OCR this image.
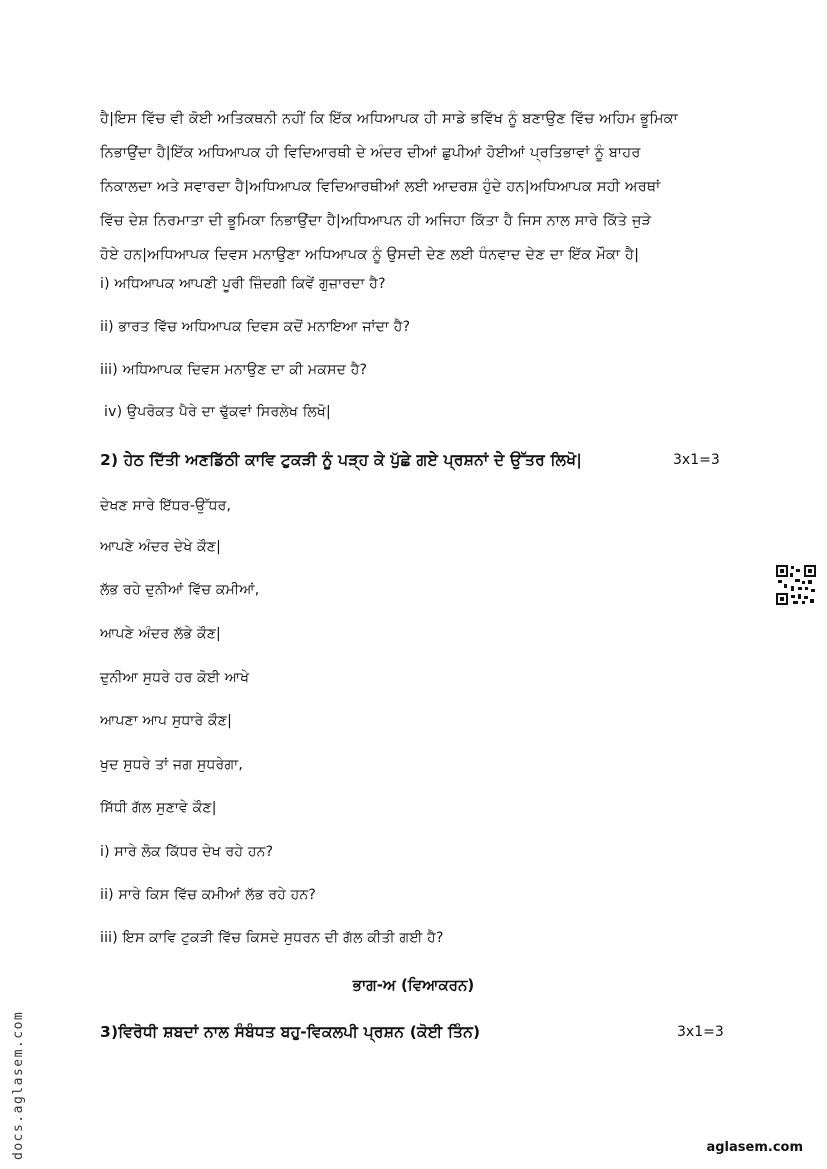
ਹੈ|ਇਸ ਵਿੱਚ ਵੀ ਕੋਈ ਅਤਿਕਥਨੀ ਨਹੀਂ ਕਿ ਇੱਕ ਅਧਿਆਪਕ ਹੀ ਸਾਡੇ ਭਵਿੱਖ ਨੂੰ ਬਣਾਉਣ ਵਿੱਚ ਅਹਿਮ ਭੂਮਿਕਾ
ਨਿਭਾਉਂਦਾ ਹੈ|ਇੱਕ ਅਧਿਆਪਕ ਹੀ ਵਿਦਿਆਰਥੀ ਦੇ ਅੰਦਰ ਦੀਆਂ ਛੁਪੀਆਂ ਹੋਈਆਂ ਪ੍ਰਤਿਭਾਵਾਂ ਨੂੰ ਬਾਹਰ
ਨਿਕਾਲਦਾ ਅਤੇ ਸਵਾਰਦਾ ਹੈ|ਅਧਿਆਪਕ ਵਿਦਿਆਰਥੀਆਂ ਲਈ ਆਦਰਸ਼ ਹੁੰਦੇ ਹਨ|ਅਧਿਆਪਕ ਸਹੀ ਅਰਥਾਂ
ਵਿੱਚ ਦੇਸ਼ ਨਿਰਮਾਤਾ ਦੀ ਭੂਮਿਕਾ ਨਿਭਾਉਂਦਾ ਹੈ|ਅਧਿਆਪਨ ਹੀ ਅਜਿਹਾ ਕਿੱਤਾ ਹੈ ਜਿਸ ਨਾਲ ਸਾਰੇ ਕਿੱਤੇ ਜੁੜੇ
ਹੋਏ ਹਨ|ਅਧਿਆਪਕ ਦਿਵਸ ਮਨਾਉਣਾ ਅਧਿਆਪਕ ਨੂੰ ਉਸਦੀ ਦੇਣ ਲਈ ਧੰਨਵਾਦ ਦੇਣ ਦਾ ਇੱਕ ਮੌਕਾ ਹੈ|
i) ਅਧਿਆਪਕ ਆਪਣੀ ਪੂਰੀ ਜ਼ਿੰਦਗੀ ਕਿਵੇਂ ਗੁਜ਼ਾਰਦਾ ਹੈ?
ii) ਭਾਰਤ ਵਿੱਚ ਅਧਿਆਪਕ ਦਿਵਸ ਕਦੋਂ ਮਨਾਇਆ ਜਾਂਦਾ ਹੈ?
iii) ਅਧਿਆਪਕ ਦਿਵਸ ਮਨਾਉਣ ਦਾ ਕੀ ਮਕਸਦ ਹੈ?
iv) ਉਪਰੋਕਤ ਪੈਰੇ ਦਾ ਢੁੱਕਵਾਂ ਸਿਰਲੇਖ ਲਿਖੋ|
2) ਹੇਠ ਦਿੱਤੀ ਅਣਡਿੱਠੀ ਕਾਵਿ ਟੁਕੜੀ ਨੂੰ ਪੜ੍ਹ ਕੇ ਪੁੱਛੇ ਗਏ ਪ੍ਰਸ਼ਨਾਂ ਦੇ ਉੱਤਰ ਲਿਖੋ|	3x1=3
ਦੇਖਣ ਸਾਰੇ ਇੱਧਰ-ਉੱਧਰ,
ਆਪਣੇ ਅੰਦਰ ਦੇਖੇ ਕੌਣ|
ਲੱਭ ਰਹੇ ਦੁਨੀਆਂ ਵਿੱਚ ਕਮੀਆਂ,
ਆਪਣੇ ਅੰਦਰ ਲੱਭੇ ਕੌਣ|
ਦੁਨੀਆ ਸੁਧਰੇ ਹਰ ਕੋਈ ਆਖੇ
ਆਪਣਾ ਆਪ ਸੁਧਾਰੇ ਕੌਣ|
ਖੁਦ ਸੁਧਰੇ ਤਾਂ ਜਗ ਸੁਧਰੇਗਾ,
ਸਿੱਧੀ ਗੱਲ ਸੁਣਾਵੇ ਕੌਣ|
i) ਸਾਰੇ ਲੋਕ ਕਿੱਧਰ ਦੇਖ ਰਹੇ ਹਨ?
ii) ਸਾਰੇ ਕਿਸ ਵਿੱਚ ਕਮੀਆਂ ਲੱਭ ਰਹੇ ਹਨ?
iii) ਇਸ ਕਾਵਿ ਟੁਕੜੀ ਵਿੱਚ ਕਿਸਦੇ ਸੁਧਰਨ ਦੀ ਗੱਲ ਕੀਤੀ ਗਈ ਹੈ?
ਭਾਗ-ਅ (ਵਿਆਕਰਨ)
3)ਵਿਰੋਧੀ ਸ਼ਬਦਾਂ ਨਾਲ ਸੰਬੰਧਤ ਬਹੁ-ਵਿਕਲਪੀ ਪ੍ਰਸ਼ਨ (ਕੋਈ ਤਿੰਨ)	3x1=3
docs.aglasem.com	aglasem.com
